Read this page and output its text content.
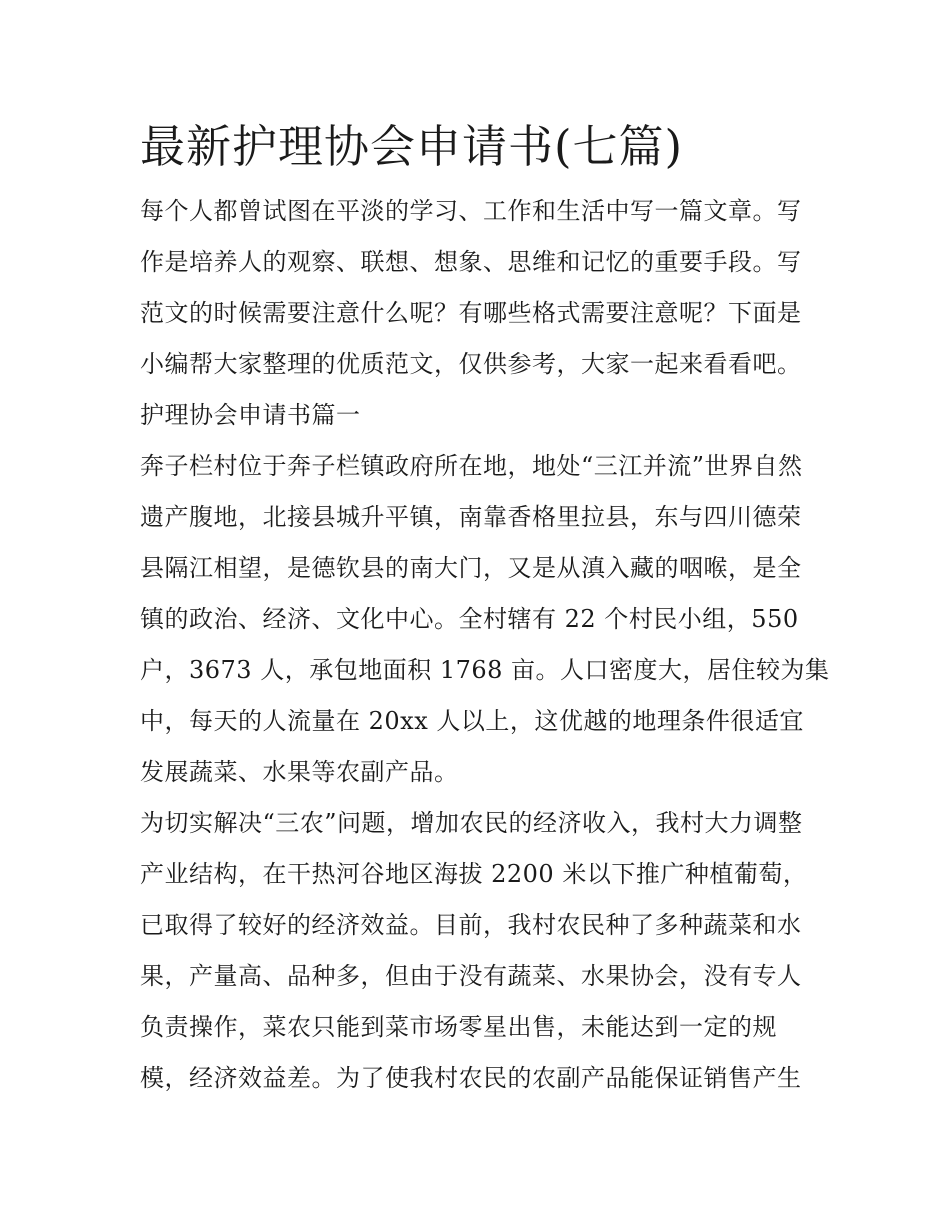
最新护理协会申请书(七篇)
每个人都曾试图在平淡的学习、工作和生活中写一篇文章。写
作是培养人的观察、联想、想象、思维和记忆的重要手段。写
范文的时候需要注意什么呢？有哪些格式需要注意呢？下面是
小编帮大家整理的优质范文，仅供参考，大家一起来看看吧。
护理协会申请书篇一
奔子栏村位于奔子栏镇政府所在地，地处“三江并流”世界自然
遗产腹地，北接县城升平镇，南靠香格里拉县，东与四川德荣
县隔江相望，是德钦县的南大门，又是从滇入藏的咽喉，是全
镇的政治、经济、文化中心。全村辖有 22 个村民小组，550
户，3673 人，承包地面积 1768 亩。人口密度大，居住较为集
中，每天的人流量在 20xx 人以上，这优越的地理条件很适宜
发展蔬菜、水果等农副产品。
为切实解决“三农”问题，增加农民的经济收入，我村大力调整
产业结构，在干热河谷地区海拔 2200 米以下推广种植葡萄，
已取得了较好的经济效益。目前，我村农民种了多种蔬菜和水
果，产量高、品种多，但由于没有蔬菜、水果协会，没有专人
负责操作，菜农只能到菜市场零星出售，未能达到一定的规
模，经济效益差。为了使我村农民的农副产品能保证销售产生
